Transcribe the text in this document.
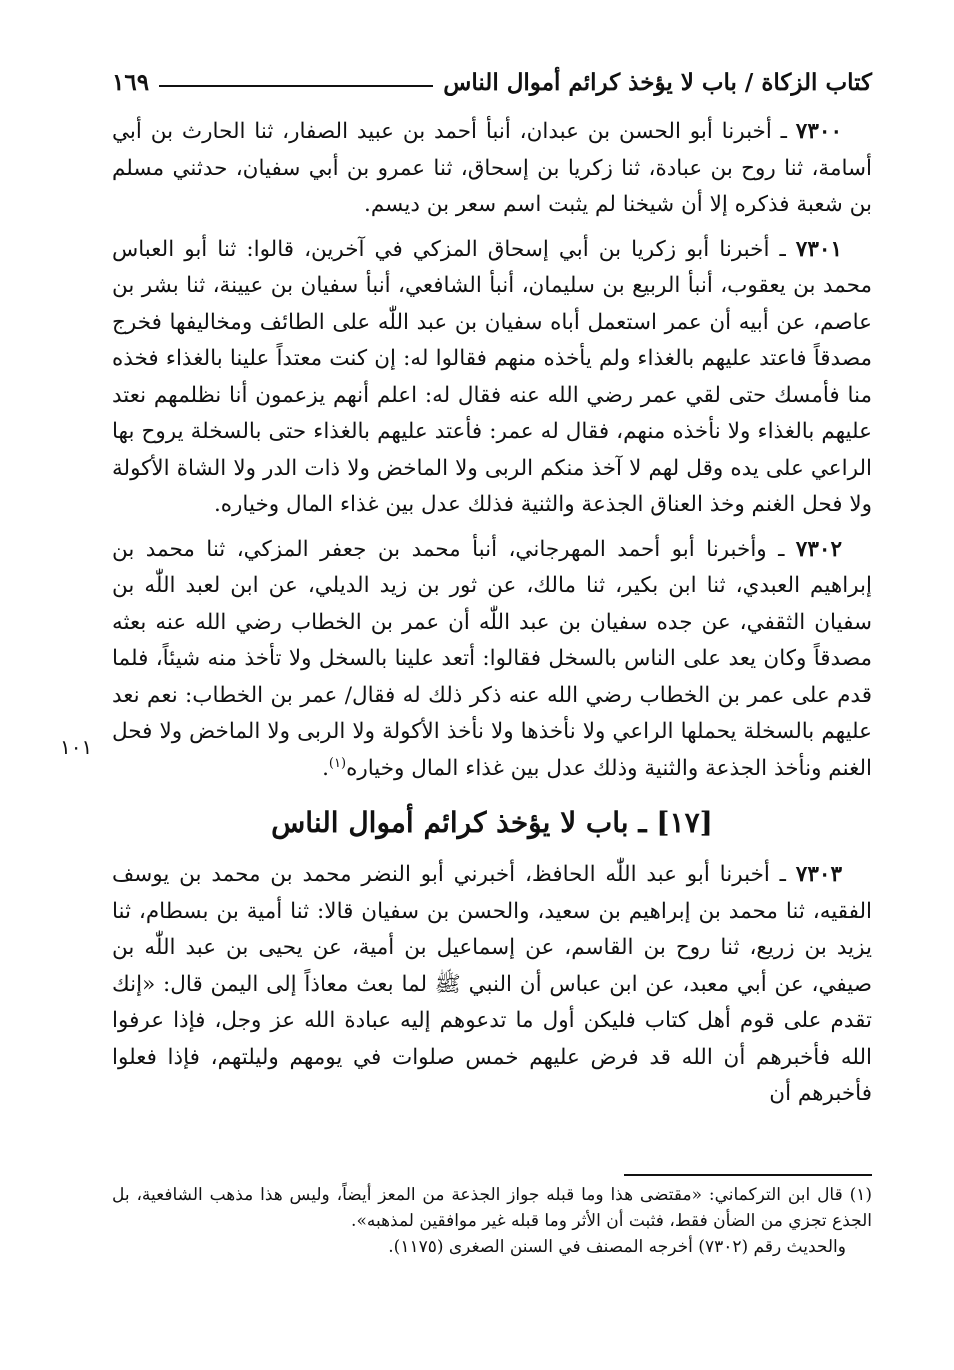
كتاب الزكاة / باب لا يؤخذ كرائم أموال الناس
١٦٩
١٠١

٧٣٠٠ ـ أخبرنا أبو الحسن بن عبدان، أنبأ أحمد بن عبيد الصفار، ثنا الحارث بن أبي أسامة، ثنا روح بن عبادة، ثنا زكريا بن إسحاق، ثنا عمرو بن أبي سفيان، حدثني مسلم بن شعبة فذكره إلا أن شيخنا لم يثبت اسم سعر بن ديسم.

٧٣٠١ ـ أخبرنا أبو زكريا بن أبي إسحاق المزكي في آخرين، قالوا: ثنا أبو العباس محمد بن يعقوب، أنبأ الربيع بن سليمان، أنبأ الشافعي، أنبأ سفيان بن عيينة، ثنا بشر بن عاصم، عن أبيه أن عمر استعمل أباه سفيان بن عبد اللّٰه على الطائف ومخاليفها فخرج مصدقاً فاعتد عليهم بالغذاء ولم يأخذه منهم فقالوا له: إن كنت معتداً علينا بالغذاء فخذه منا فأمسك حتى لقي عمر رضي الله عنه فقال له: اعلم أنهم يزعمون أنا نظلمهم نعتد عليهم بالغذاء ولا نأخذه منهم، فقال له عمر: فأعتد عليهم بالغذاء حتى بالسخلة يروح بها الراعي على يده وقل لهم لا آخذ منكم الربى ولا الماخض ولا ذات الدر ولا الشاة الأكولة ولا فحل الغنم وخذ العناق الجذعة والثنية فذلك عدل بين غذاء المال وخياره.

٧٣٠٢ ـ وأخبرنا أبو أحمد المهرجاني، أنبأ محمد بن جعفر المزكي، ثنا محمد بن إبراهيم العبدي، ثنا ابن بكير، ثنا مالك، عن ثور بن زيد الديلي، عن ابن لعبد اللّٰه بن سفيان الثقفي، عن جده سفيان بن عبد اللّٰه أن عمر بن الخطاب رضي الله عنه بعثه مصدقاً وكان يعد على الناس بالسخل فقالوا: أتعد علينا بالسخل ولا تأخذ منه شيئاً، فلما قدم على عمر بن الخطاب رضي الله عنه ذكر ذلك له فقال/ عمر بن الخطاب: نعم نعد عليهم بالسخلة يحملها الراعي ولا نأخذها ولا نأخذ الأكولة ولا الربى ولا الماخض ولا فحل الغنم ونأخذ الجذعة والثنية وذلك عدل بين غذاء المال وخياره$^{(١)}$.

[١٧] ـ باب لا يؤخذ كرائم أموال الناس

٧٣٠٣ ـ أخبرنا أبو عبد اللّٰه الحافظ، أخبرني أبو النضر محمد بن محمد بن يوسف الفقيه، ثنا محمد بن إبراهيم بن سعيد، والحسن بن سفيان قالا: ثنا أمية بن بسطام، ثنا يزيد بن زريع، ثنا روح بن القاسم، عن إسماعيل بن أمية، عن يحيى بن عبد اللّٰه بن صيفي، عن أبي معبد، عن ابن عباس أن النبي ﷺ لما بعث معاذاً إلى اليمن قال: «إنك تقدم على قوم أهل كتاب فليكن أول ما تدعوهم إليه عبادة الله عز وجل، فإذا عرفوا الله فأخبرهم أن الله قد فرض عليهم خمس صلوات في يومهم وليلتهم، فإذا فعلوا فأخبرهم أن

(١) قال ابن التركماني: «مقتضى هذا وما قبله جواز الجذعة من المعز أيضاً، وليس هذا مذهب الشافعية، بل الجذع تجزي من الضأن فقط، فثبت أن الأثر وما قبله غير موافقين لمذهبه».

والحديث رقم (٧٣٠٢) أخرجه المصنف في السنن الصغرى (١١٧٥).
